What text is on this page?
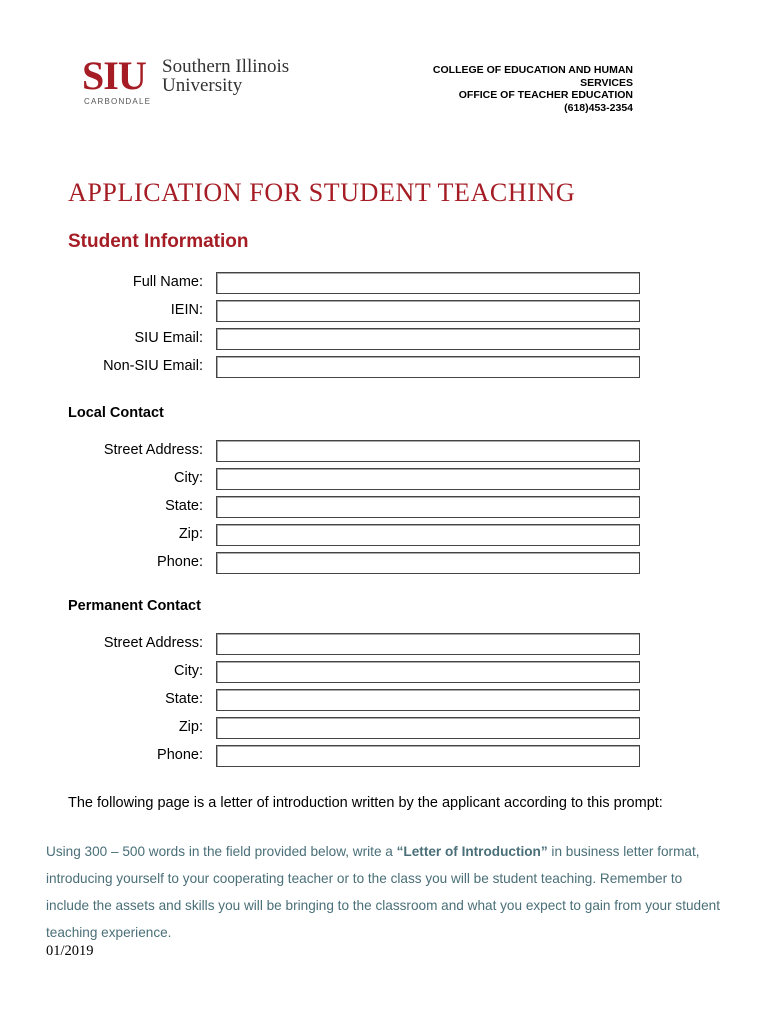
SIU Southern Illinois
University
CARBONDALE
COLLEGE OF EDUCATION AND HUMAN
SERVICES
OFFICE OF TEACHER EDUCATION
(618)453-2354
APPLICATION FOR STUDENT TEACHING
Student Information
Full Name:
IEIN:
SIU Email:
Non-SIU Email:
Local Contact
Street Address:
City:
State:
Zip:
Phone:
Permanent Contact
Street Address:
City:
State:
Zip:
Phone:
The following page is a letter of introduction written by the applicant according to this prompt:
Using 300 – 500 words in the field provided below, write a “Letter of Introduction” in business letter format, introducing yourself to your cooperating teacher or to the class you will be student teaching. Remember to include the assets and skills you will be bringing to the classroom and what you expect to gain from your student teaching experience.
01/2019
